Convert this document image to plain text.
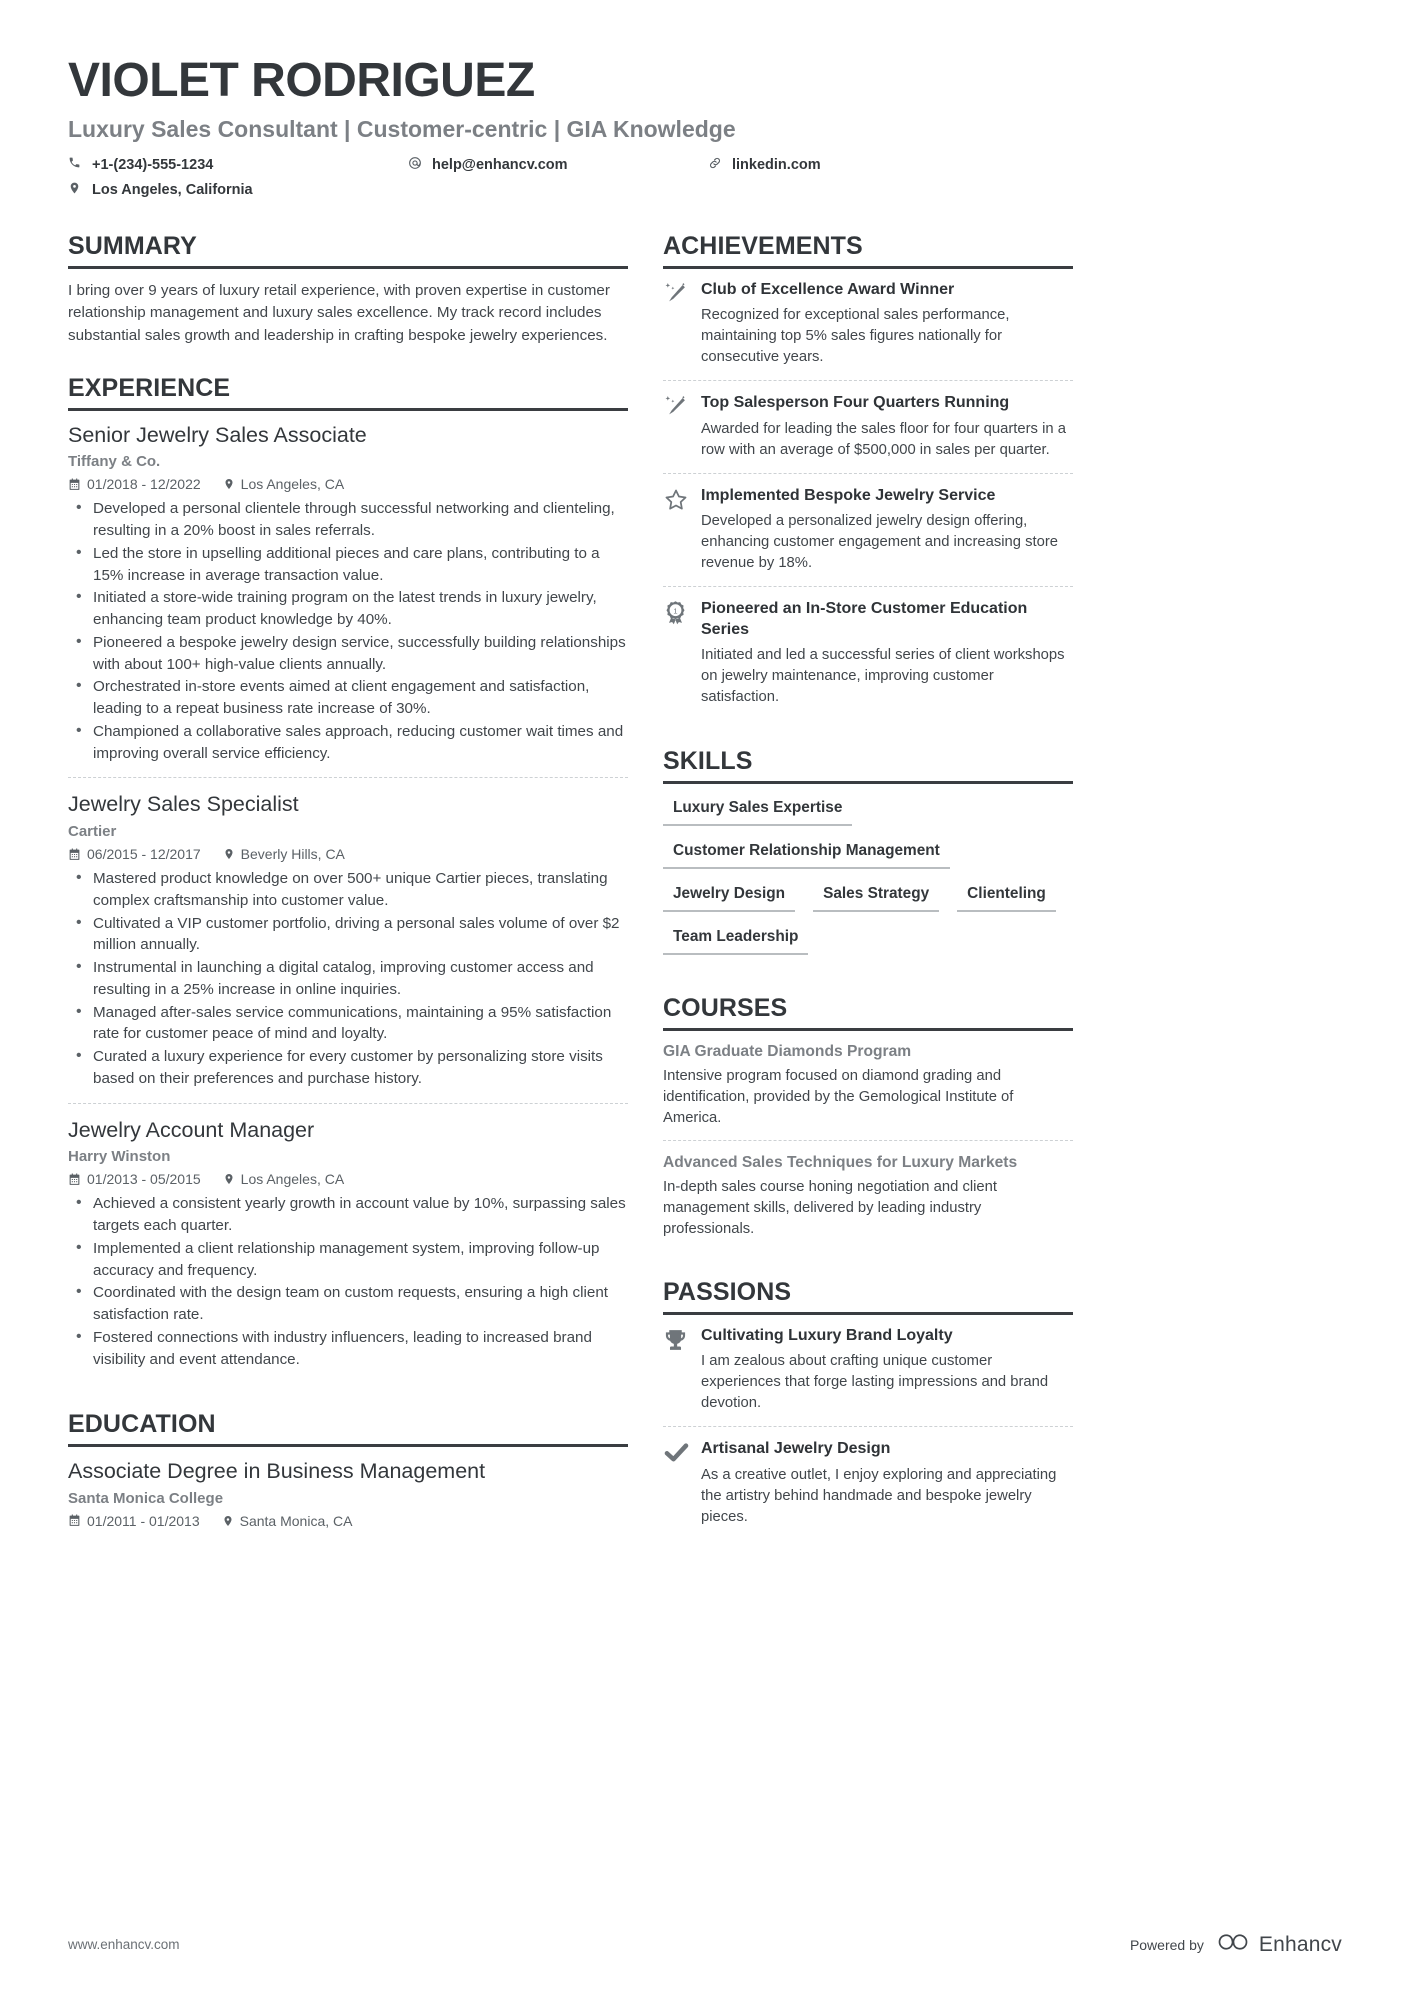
VIOLET RODRIGUEZ
Luxury Sales Consultant | Customer-centric | GIA Knowledge
+1-(234)-555-1234	help@enhancv.com	linkedin.com
Los Angeles, California
SUMMARY
I bring over 9 years of luxury retail experience, with proven expertise in customer relationship management and luxury sales excellence. My track record includes substantial sales growth and leadership in crafting bespoke jewelry experiences.
EXPERIENCE
Senior Jewelry Sales Associate
Tiffany & Co.
01/2018 - 12/2022	Los Angeles, CA
• Developed a personal clientele through successful networking and clienteling, resulting in a 20% boost in sales referrals.
• Led the store in upselling additional pieces and care plans, contributing to a 15% increase in average transaction value.
• Initiated a store-wide training program on the latest trends in luxury jewelry, enhancing team product knowledge by 40%.
• Pioneered a bespoke jewelry design service, successfully building relationships with about 100+ high-value clients annually.
• Orchestrated in-store events aimed at client engagement and satisfaction, leading to a repeat business rate increase of 30%.
• Championed a collaborative sales approach, reducing customer wait times and improving overall service efficiency.
Jewelry Sales Specialist
Cartier
06/2015 - 12/2017	Beverly Hills, CA
• Mastered product knowledge on over 500+ unique Cartier pieces, translating complex craftsmanship into customer value.
• Cultivated a VIP customer portfolio, driving a personal sales volume of over $2 million annually.
• Instrumental in launching a digital catalog, improving customer access and resulting in a 25% increase in online inquiries.
• Managed after-sales service communications, maintaining a 95% satisfaction rate for customer peace of mind and loyalty.
• Curated a luxury experience for every customer by personalizing store visits based on their preferences and purchase history.
Jewelry Account Manager
Harry Winston
01/2013 - 05/2015	Los Angeles, CA
• Achieved a consistent yearly growth in account value by 10%, surpassing sales targets each quarter.
• Implemented a client relationship management system, improving follow-up accuracy and frequency.
• Coordinated with the design team on custom requests, ensuring a high client satisfaction rate.
• Fostered connections with industry influencers, leading to increased brand visibility and event attendance.
EDUCATION
Associate Degree in Business Management
Santa Monica College
01/2011 - 01/2013	Santa Monica, CA
ACHIEVEMENTS
Club of Excellence Award Winner
Recognized for exceptional sales performance, maintaining top 5% sales figures nationally for consecutive years.
Top Salesperson Four Quarters Running
Awarded for leading the sales floor for four quarters in a row with an average of $500,000 in sales per quarter.
Implemented Bespoke Jewelry Service
Developed a personalized jewelry design offering, enhancing customer engagement and increasing store revenue by 18%.
1 Pioneered an In-Store Customer Education Series
Initiated and led a successful series of client workshops on jewelry maintenance, improving customer satisfaction.
SKILLS
Luxury Sales Expertise
Customer Relationship Management
Jewelry Design	Sales Strategy	Clienteling
Team Leadership
COURSES
GIA Graduate Diamonds Program
Intensive program focused on diamond grading and identification, provided by the Gemological Institute of America.
Advanced Sales Techniques for Luxury Markets
In-depth sales course honing negotiation and client management skills, delivered by leading industry professionals.
PASSIONS
Cultivating Luxury Brand Loyalty
I am zealous about crafting unique customer experiences that forge lasting impressions and brand devotion.
Artisanal Jewelry Design
As a creative outlet, I enjoy exploring and appreciating the artistry behind handmade and bespoke jewelry pieces.
www.enhancv.com	Powered by	Enhancv
